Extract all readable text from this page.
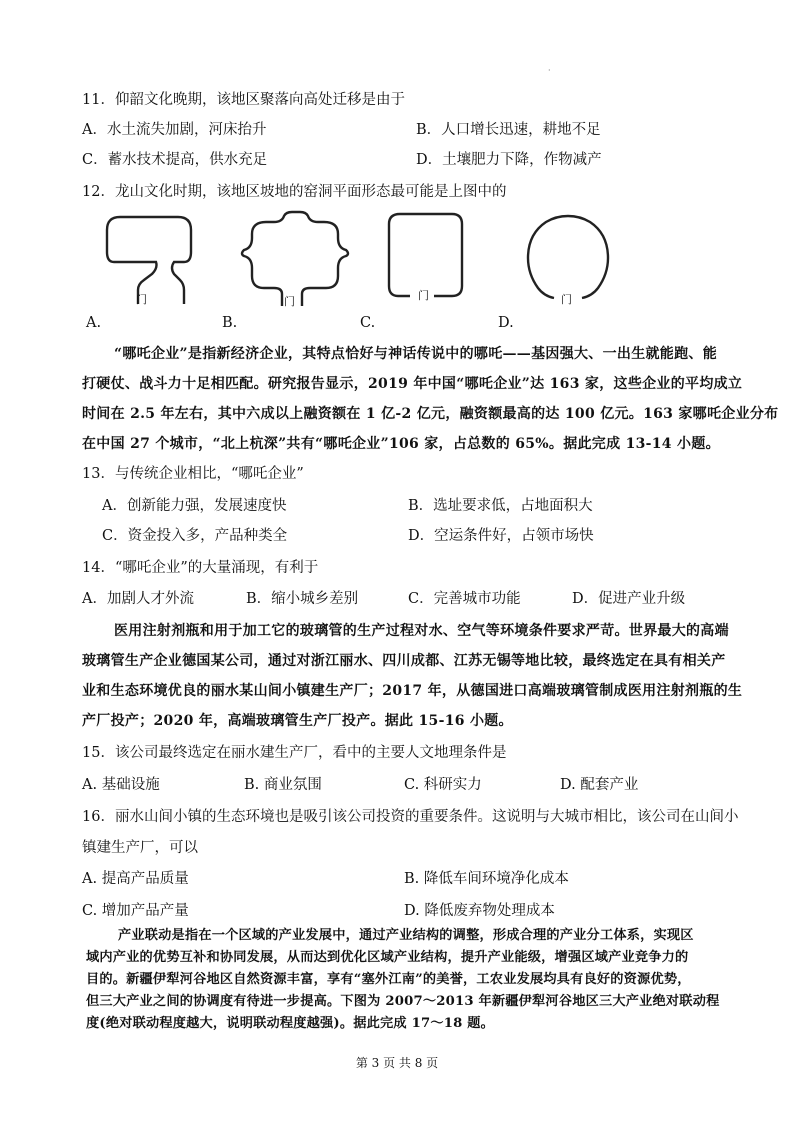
·
11．仰韶文化晚期，该地区聚落向高处迁移是由于
A．水土流失加剧，河床抬升	B．人口增长迅速，耕地不足
C．蓄水技术提高，供水充足	D．土壤肥力下降，作物减产
12．龙山文化时期，该地区坡地的窑洞平面形态最可能是上图中的
门
A.
门
B.
门
C.
门
D.
“哪吒企业”是指新经济企业，其特点恰好与神话传说中的哪吒——基因强大、一出生就能跑、能
打硬仗、战斗力十足相匹配。研究报告显示，2019 年中国“哪吒企业”达 163 家，这些企业的平均成立
时间在 2.5 年左右，其中六成以上融资额在 1 亿-2 亿元，融资额最高的达 100 亿元。163 家哪吒企业分布
在中国 27 个城市，“北上杭深”共有“哪吒企业”106 家，占总数的 65%。据此完成 13-14 小题。
13．与传统企业相比，“哪吒企业”
A．创新能力强，发展速度快	B．选址要求低，占地面积大
C．资金投入多，产品种类全	D．空运条件好，占领市场快
14．“哪吒企业”的大量涌现，有利于
A．加剧人才外流	B．缩小城乡差别	C．完善城市功能	D．促进产业升级
医用注射剂瓶和用于加工它的玻璃管的生产过程对水、空气等环境条件要求严苛。世界最大的高端
玻璃管生产企业德国某公司，通过对浙江丽水、四川成都、江苏无锡等地比较，最终选定在具有相关产
业和生态环境优良的丽水某山间小镇建生产厂；2017 年，从德国进口高端玻璃管制成医用注射剂瓶的生
产厂投产；2020 年，高端玻璃管生产厂投产。据此 15-16 小题。
15．该公司最终选定在丽水建生产厂，看中的主要人文地理条件是
A. 基础设施	B. 商业氛围	C. 科研实力	D. 配套产业
16．丽水山间小镇的生态环境也是吸引该公司投资的重要条件。这说明与大城市相比，该公司在山间小
镇建生产厂，可以
A. 提高产品质量	B. 降低车间环境净化成本
C. 增加产品产量	D. 降低废弃物处理成本
产业联动是指在一个区域的产业发展中，通过产业结构的调整，形成合理的产业分工体系，实现区
域内产业的优势互补和协同发展，从而达到优化区域产业结构，提升产业能级，增强区域产业竞争力的
目的。新疆伊犁河谷地区自然资源丰富，享有“塞外江南”的美誉，工农业发展均具有良好的资源优势，
但三大产业之间的协调度有待进一步提高。下图为 2007～2013 年新疆伊犁河谷地区三大产业绝对联动程
度(绝对联动程度越大，说明联动程度越强)。据此完成 17～18 题。
第 3 页 共 8 页
